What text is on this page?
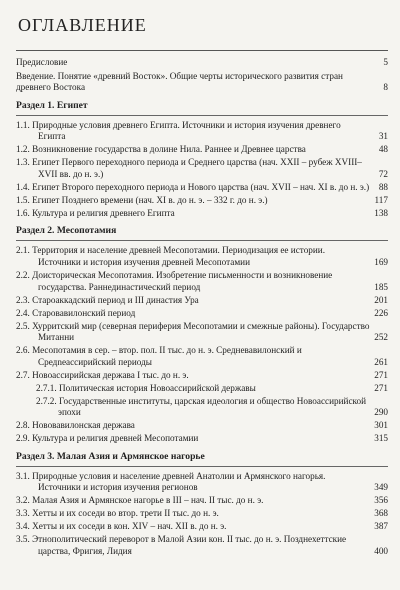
оглавление
Предисловие	5
Введение. Понятие «древний Восток». Общие черты исторического развития стран древнего Востока	8
Раздел 1. Египет
1.1. Природные условия древнего Египта. Источники и история изучения древнего Египта	31
1.2. Возникновение государства в долине Нила. Раннее и Древнее царства	48
1.3. Египет Первого переходного периода и Среднего царства (нач. XXII – рубеж XVIII–XVII вв. до н. э.)	72
1.4. Египет Второго переходного периода и Нового царства (нач. XVII – нач. XI в. до н. э.) 88
1.5. Египет Позднего времени (нач. XI в. до н. э. – 332 г. до н. э.)	117
1.6. Культура и религия древнего Египта	138
Раздел 2. Месопотамия
2.1. Территория и население древней Месопотамии. Периодизация ее истории. Источники и история изучения древней Месопотамии	169
2.2. Доисторическая Месопотамия. Изобретение письменности и возникновение государства. Раннединастический период	185
2.3. Староаккадский период и III династия Ура	201
2.4. Старовавилонский период	226
2.5. Хурритский мир (северная периферия Месопотамии и смежные районы). Государство Митанни	252
2.6. Месопотамия в сер. – втор. пол. II тыс. до н. э. Средневавилонский и Средneассирийский периоды	261
2.7. Новоассирийская держава I тыс. до н. э.	271
2.7.1. Политическая история Новоассирийской державы	271
2.7.2. Государственные институты, царская идеология и общество Новоассирийской эпохи	290
2.8. Нововавилонская держава	301
2.9. Культура и религия древней Месопотамии	315
Раздел 3. Малая Азия и Армянское нагорье
3.1. Природные условия и население древней Анатолии и Армянского нагорья. Источники и история изучения регионов	349
3.2. Малая Азия и Армянское нагорье в III – нач. II тыс. до н. э.	356
3.3. Хетты и их соседи во втор. трети II тыс. до н. э.	368
3.4. Хетты и их соседи в кон. XIV – нач. XII в. до н. э.	387
3.5. Этнополитический переворот в Малой Азии кон. II тыс. до н. э. Позднехеттские царства, Фригия, Лидия	400
